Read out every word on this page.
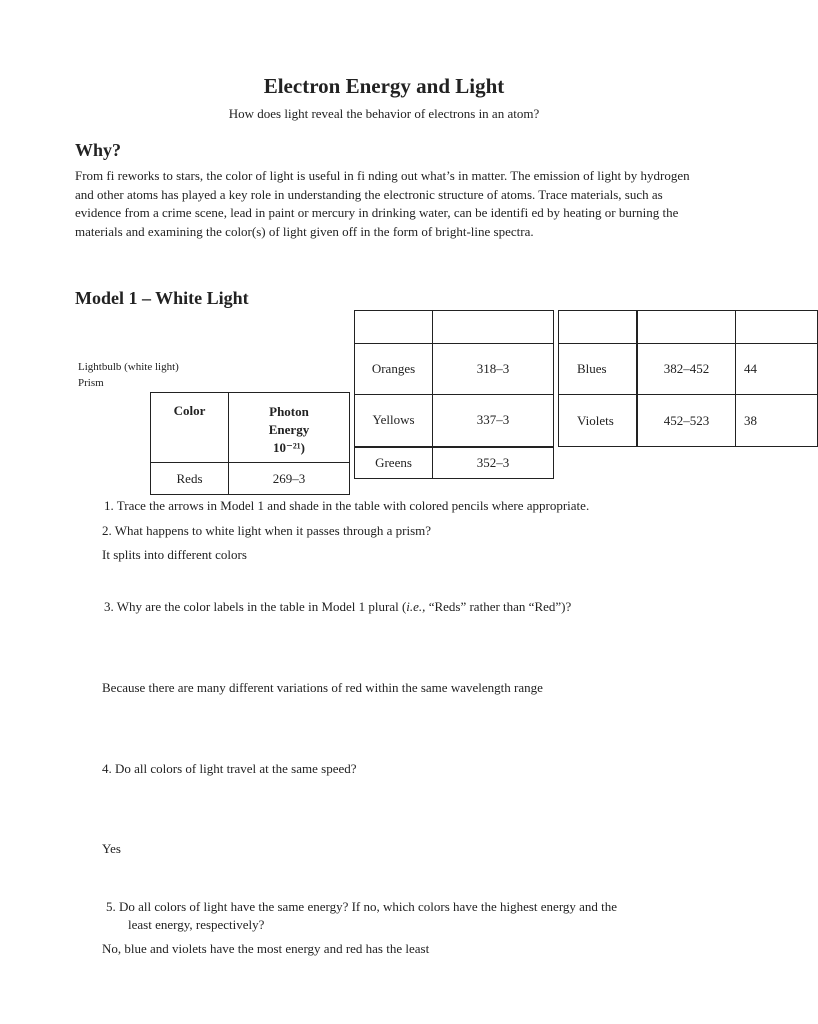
Electron Energy and Light
How does light reveal the behavior of electrons in an atom?
Why?
From fi reworks to stars, the color of light is useful in fi nding out what’s in matter. The emission of light by hydrogen and other atoms has played a key role in understanding the electronic structure of atoms. Trace materials, such as evidence from a crime scene, lead in paint or mercury in drinking water, can be identifi ed by heating or burning the materials and examining the color(s) of light given off in the form of bright-line spectra.
Model 1 – White Light
Lightbulb (white light)
Prism
Color	Photon
Energy
10⁻²¹)

Reds	269–3

Oranges	318–3
Yellows	337–3
Greens	352–3

Blues	382–452	44
Violets	452–523	38
1. Trace the arrows in Model 1 and shade in the table with colored pencils where appropriate.
2. What happens to white light when it passes through a prism?
It splits into different colors
3. Why are the color labels in the table in Model 1 plural (i.e., “Reds” rather than “Red”)?
Because there are many different variations of red within the same wavelength range
4. Do all colors of light travel at the same speed?
Yes
5. Do all colors of light have the same energy? If no, which colors have the highest energy and the
least energy, respectively?
No, blue and violets have the most energy and red has the least
